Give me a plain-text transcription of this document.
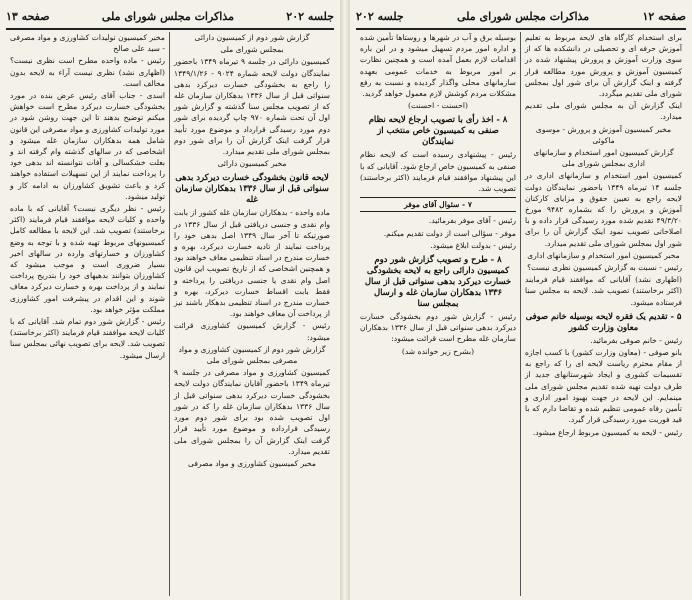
جلسه ۲۰۲
مذاکرات مجلس شورای ملی
صفحه ۱۳

گزارش شور دوم از کمیسیون دارائی

بمجلس شورای ملی

کمیسیون دارائی در جلسه ۹ تیرماه ۱۳۴۹ باحضور نمایندگان دولت لایحه شماره ۹۰۲۴ - ۱۳۴۹/۱/۲۶ را راجع به بخشودگی خسارت دیرکرد بدهی سنواتی قبل از سال ۱۳۳۶ بدهکاران سازمان غله که از تصویب مجلس سنا گذشته و گزارش شور اول آن تحت شماره ۹۷۰ چاپ گردیده برای شور دوم مورد رسیدگی قرارداد و موضوع مورد تأیید قرار گرفت اینک گزارش آن را برای شور دوم بمجلس شورای ملی تقدیم میدارد.

مخبر کمیسیون دارائی

لایحه قانون بخشودگی خسارت دیرکرد بدهی سنواتی قبل از سال ۱۳۳۶ بدهکاران سازمان غله

ماده واحده - بدهکاران سازمان غله کشور از بابت وام نقدی و جنسی دریافتی قبل از سال ۱۳۳۶ در صورتیکه تا آخر سال ۱۳۴۹ اصل بدهی خود را پرداخت نمایند از تادیه خسارت دیرکرد، بهره و خسارت مندرج در اسناد تنظیمی معاف خواهند بود و همچنین اشخاصی که از تاریخ تصویب این قانون اصل وام نقدی یا جنسی دریافتی را پرداخته و فقط بابت اقساط خسارت دیرکرد، بهره و خسارت مندرج در اسناد تنظیمی بدهکار باشند نیز از پرداخت آن معاف خواهند بود.

رئیس - گزارش کمیسیون کشاورزی قرائت میشود:

گزارش شور دوم از کمیسیون کشاورزی و مواد مصرفی بمجلس شورای ملی

کمیسیون کشاورزی و مواد مصرفی در جلسه ۹ تیرماه ۱۳۴۹ باحضور آقایان نمایندگان دولت لایحه بخشودگی خسارت دیرکرد بدهی سنواتی قبل از سال ۱۳۳۶ بدهکاران سازمان غله را که در شور اول تصویب شده بود برای شور دوم مورد رسیدگی قرارداده و موضوع مورد تأیید قرار گرفت اینک گزارش آن را بمجلس شورای ملی تقدیم میدارد.

مخبر کمیسیون کشاورزی و مواد مصرفی

مخبر کمیسیون تولیدات کشاورزی و مواد مصرفی - سید علی صالح

رئیس - ماده واحده مطرح است نظری نیست؟ (اظهاری نشد) نظری نیست آراء به لایحه بدون مخالف است.

اسدی - جناب آقای رئیس عرض بنده در مورد بخشودگی خسارت دیرکرد مطرح است خواهش میکنم توضیح بدهند تا این جهت روشن شود در مورد تولیدات کشاورزی و مواد مصرفی این قانون شامل همه بدهکاران سازمان غله میشود و اشخاصی که در سالهای گذشته وام گرفته اند و بعلت خشکسالی و آفات نتوانسته اند بدهی خود را پرداخت نمایند از این تسهیلات استفاده خواهند کرد و باعث تشویق کشاورزان به ادامه کار و تولید میشود.

رئیس - نظر دیگری نیست؟ آقایانی که با ماده واحده و کلیات لایحه موافقند قیام فرمایند (اکثر برخاستند) تصویب شد. این لایحه با مطالعه کامل کمیسیونهای مربوط تهیه شده و با توجه به وضع کشاورزان و خسارتهای وارده در سالهای اخیر بسیار ضروری است و موجب میشود که کشاورزان بتوانند بدهیهای خود را بتدریج پرداخت نمایند و از پرداخت بهره و خسارت دیرکرد معاف شوند و این اقدام در پیشرفت امور کشاورزی مملکت مؤثر خواهد بود.

رئیس - گزارش شور دوم تمام شد. آقایانی که با کلیات لایحه موافقند قیام فرمایند (اکثر برخاستند) تصویب شد. لایحه برای تصویب نهائی بمجلس سنا ارسال میشود.

صفحه ۱۲
مذاکرات مجلس شورای ملی
جلسه ۲۰۲

برای استخدام کارگاه های لایحه مربوط به تعلیم آموزش حرفه ای و تحصیلی در دانشکده ها که از سوی وزارت آموزش و پرورش پیشنهاد شده در کمیسیون آموزش و پرورش مورد مطالعه قرار گرفته و اینک گزارش آن برای شور اول بمجلس شورای ملی تقدیم میگردد.

اینک گزارش آن به مجلس شورای ملی تقدیم میدارد.

مخبر کمیسیون آموزش و پرورش - موسوی ماکوئی

گزارش کمیسیون امور استخدام و سازمانهای اداری بمجلس شورای ملی

کمیسیون امور استخدام و سازمانهای اداری در جلسه ۱۴ تیرماه ۱۳۴۹ باحضور نمایندگان دولت لایحه راجع به تعیین حقوق و مزایای کارکنان آموزش و پرورش را که بشماره ۹۴۸۲ مورخ ۴۹/۳/۲۰ تقدیم شده مورد رسیدگی قرار داده و با اصلاحاتی تصویب نمود اینک گزارش آن را برای شور اول بمجلس شورای ملی تقدیم میدارد.

مخبر کمیسیون امور استخدام و سازمانهای اداری

رئیس - نسبت به گزارش کمیسیون نظری نیست؟

(اظهاری نشد) آقایانی که موافقند قیام فرمایند (اکثر برخاستند) تصویب شد. لایحه به مجلس سنا فرستاده میشود.

۵ - تقدیم یک فقره لایحه بوسیله خانم صوفی معاون وزارت کشور

رئیس - خانم صوفی بفرمائید.

بانو صوفی - (معاون وزارت کشور) با کسب اجازه از مقام محترم ریاست لایحه ای را که راجع به تقسیمات کشوری و ایجاد شهرستانهای جدید از طرف دولت تهیه شده تقدیم مجلس شورای ملی مینمایم. این لایحه در جهت بهبود امور اداری و تأمین رفاه عمومی تنظیم شده و تقاضا دارم که با قید فوریت مورد رسیدگی قرار گیرد.

رئیس - لایحه به کمیسیون مربوط ارجاع میشود.

بوسیله برق و آب در شهرها و روستاها تأمین شده و اداره امور مردم تسهیل میشود و در این باره اقدامات لازم بعمل آمده است و همچنین نظارت بر امور مربوط به خدمات عمومی بعهده سازمانهای محلی واگذار گردیده و نسبت به رفع مشکلات مردم کوشش لازم معمول خواهد گردید.

(احسنت - احسنت)

۸ - اخذ رأی با تصویب ارجاع لایحه نظام صنفی به کمیسیون خاص منتخب از نمایندگان

رئیس - پیشنهادی رسیده است که لایحه نظام صنفی به کمیسیون خاص ارجاع شود. آقایانی که با این پیشنهاد موافقند قیام فرمایند (اکثر برخاستند) تصویب شد.

۷ - سئوال آقای موفر

رئیس - آقای موفر بفرمائید.

موفر - سؤالی است از دولت تقدیم میکنم.

رئیس - بدولت ابلاغ میشود.

۸ - طرح و تصویب گزارش شور دوم کمیسیون دارائی راجع به لایحه بخشودگی خسارت دیرکرد بدهی سنواتی قبل از سال ۱۳۳۶ بدهکاران سازمان غله و ارسال بمجلس سنا

رئیس - گزارش شور دوم بخشودگی خسارت دیرکرد بدهی سنواتی قبل از سال ۱۳۳۶ بدهکاران سازمان غله مطرح است قرائت میشود:

(بشرح زیر خوانده شد)
